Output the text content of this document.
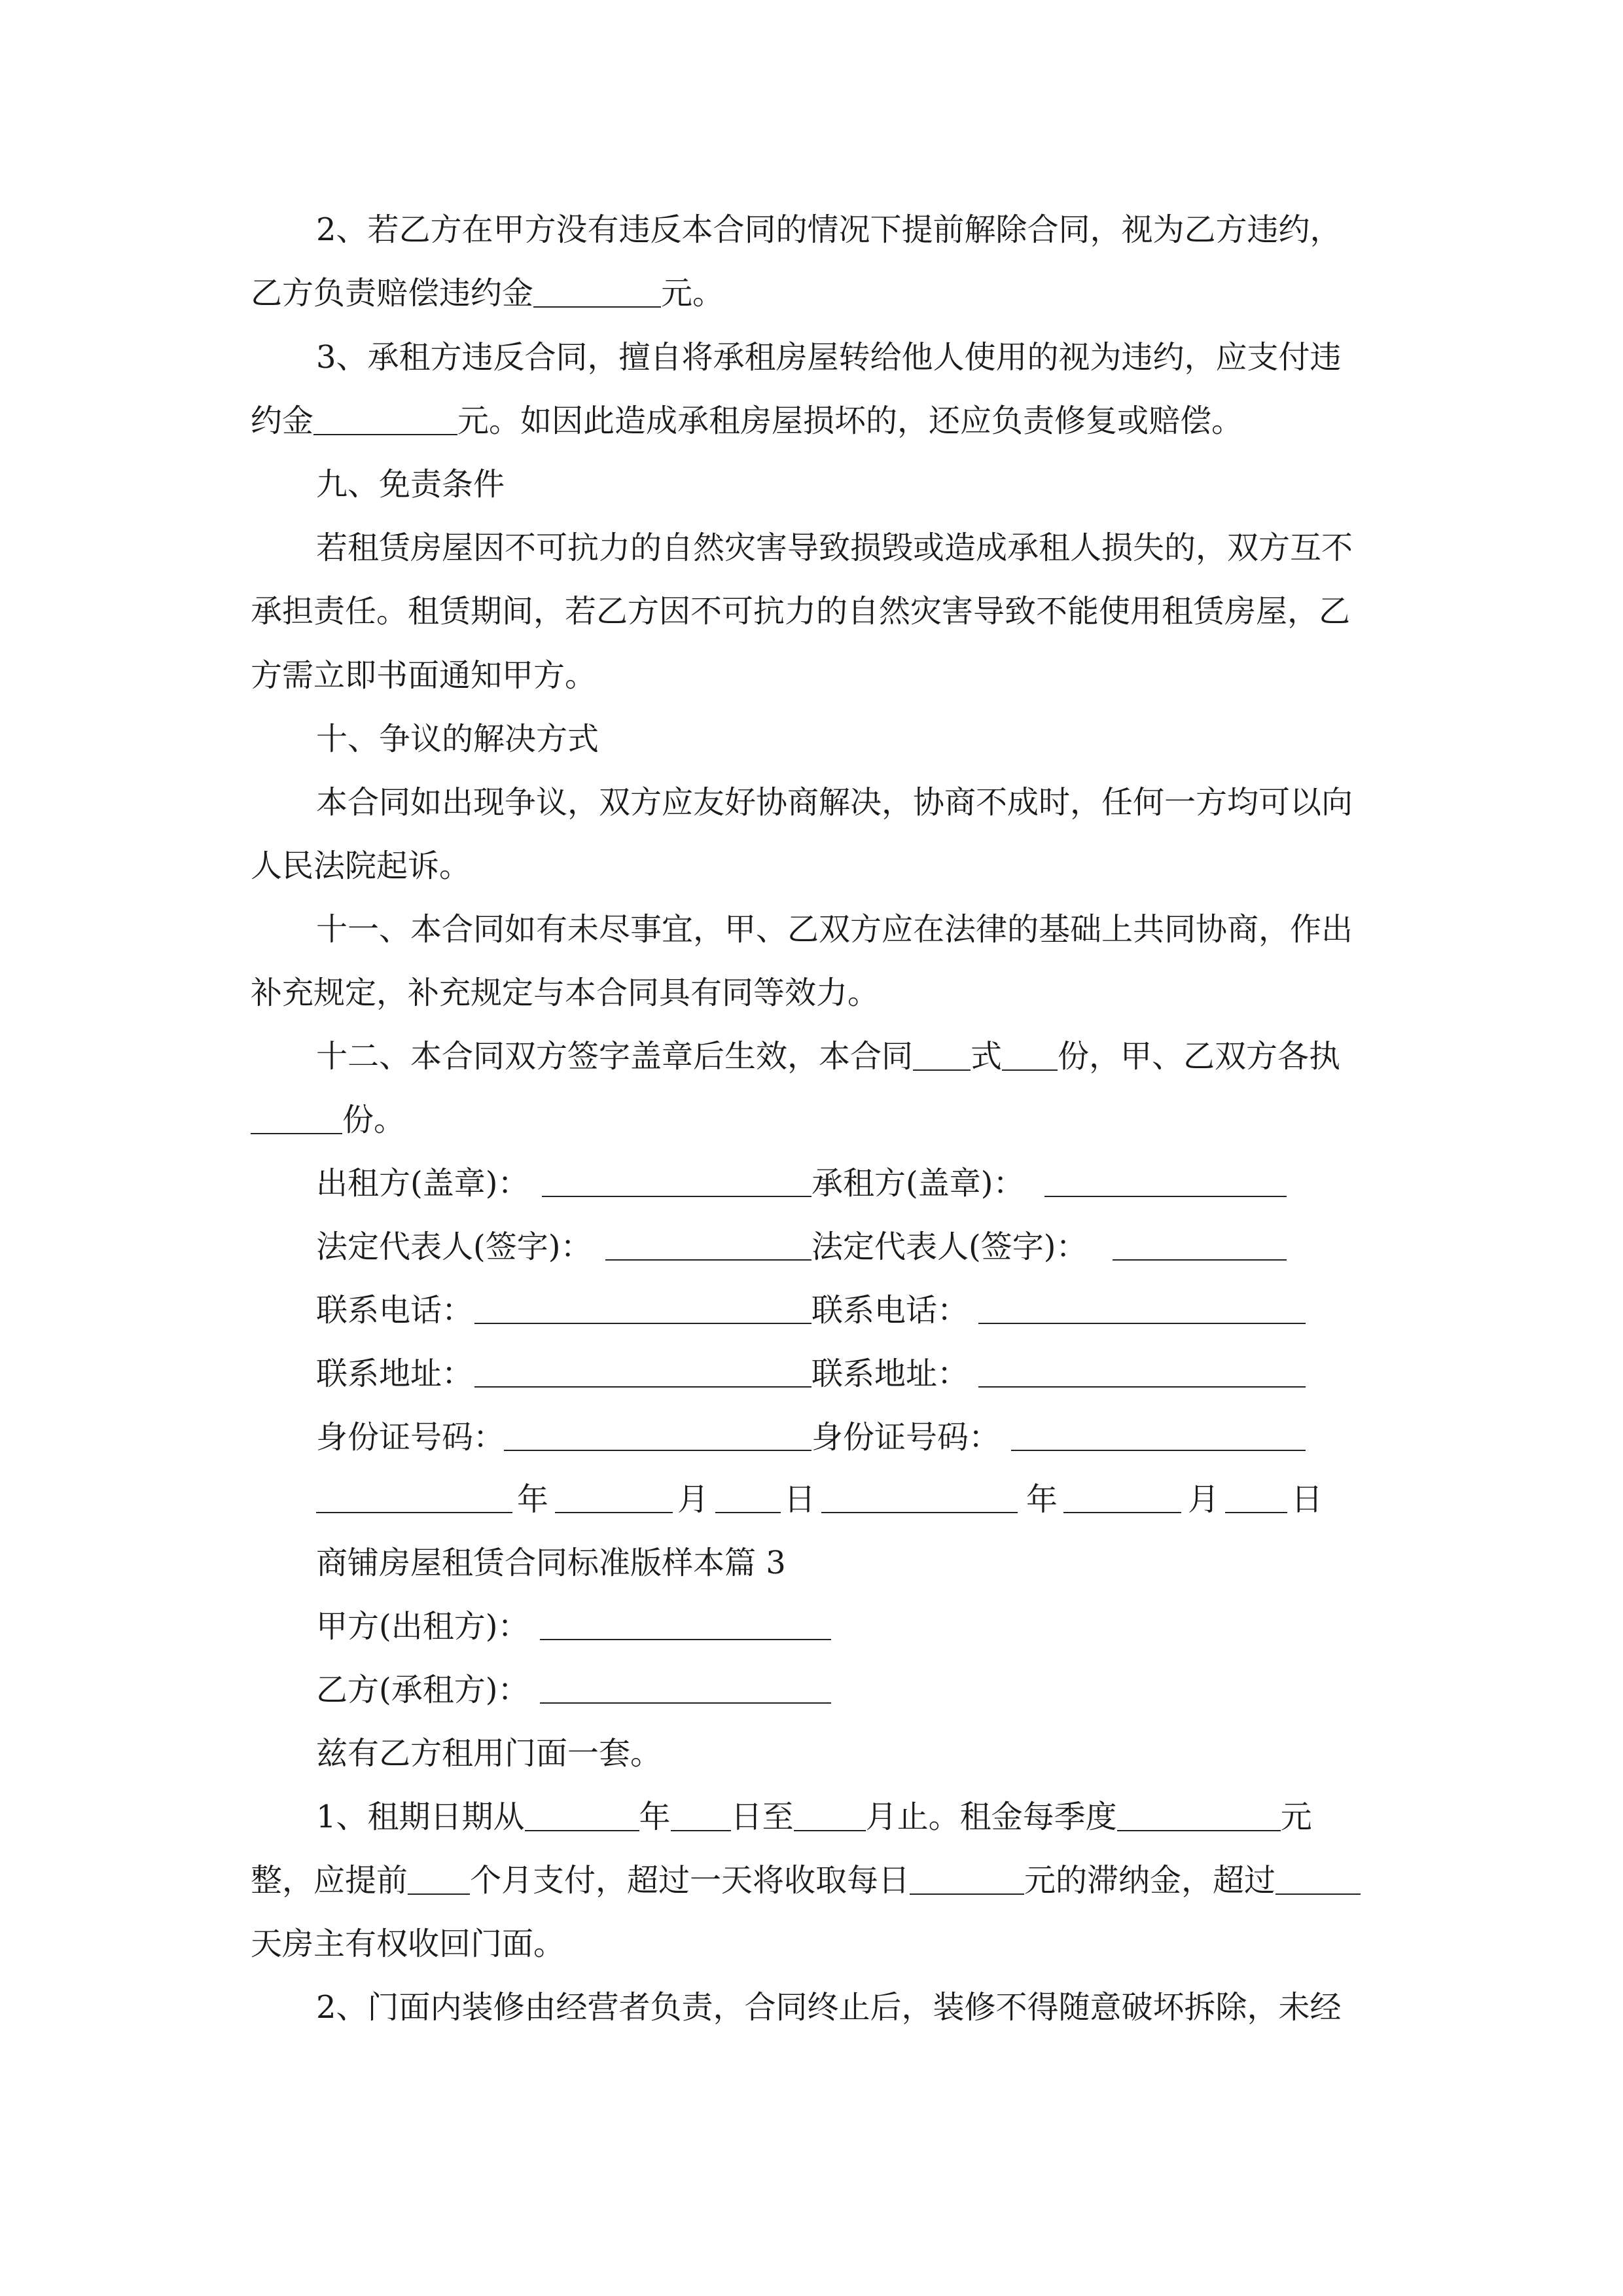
2、若乙方在甲方没有违反本合同的情况下提前解除合同，视为乙方违约，
乙方负责赔偿违约金	元。
3、承租方违反合同，擅自将承租房屋转给他人使用的视为违约，应支付违
约金	元。如因此造成承租房屋损坏的，还应负责修复或赔偿。
九、免责条件
若租赁房屋因不可抗力的自然灾害导致损毁或造成承租人损失的，双方互不
承担责任。租赁期间，若乙方因不可抗力的自然灾害导致不能使用租赁房屋，乙
方需立即书面通知甲方。
十、争议的解决方式
本合同如出现争议，双方应友好协商解决，协商不成时，任何一方均可以向
人民法院起诉。
十一、本合同如有未尽事宜，甲、乙双方应在法律的基础上共同协商，作出
补充规定，补充规定与本合同具有同等效力。
十二、本合同双方签字盖章后生效，本合同 式 份，甲、乙双方各执
份。
出租方(盖章)：	承租方(盖章)：
法定代表人(签字)：	法定代表人(签字)：
联系电话：	联系电话：
联系地址：	联系地址：
身份证号码：	身份证号码：
年	月 日	年	月 日
商铺房屋租赁合同标准版样本篇 3
甲方(出租方)：
乙方(承租方)：
兹有乙方租用门面一套。
1、租期日期从	年 日至 月止。租金每季度	元
整，应提前 个月支付，超过一天将收取每日	元的滞纳金，超过
天房主有权收回门面。
2、门面内装修由经营者负责，合同终止后，装修不得随意破坏拆除，未经
